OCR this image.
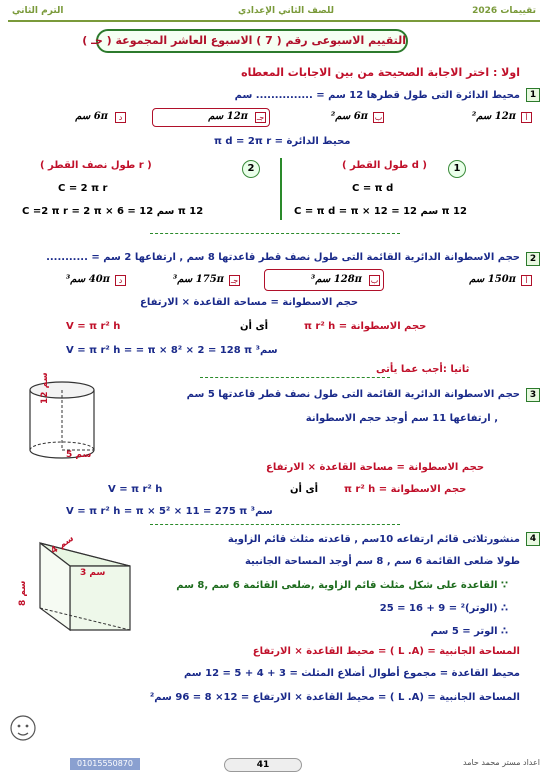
الترم الثاني	للصف الثاني الإعدادي	تقييمات 2026
التقييم الاسبوعى رقم ( 7 ) الاسبوع العاشر المجموعة ( جـ )
اولا : اختر الاجابة الصحيحة من بين الاجابات المعطاه
1
محيط الدائرة التى طول قطرها 12 سم = ............... سم
أ
12π سم²
ب
6π سم²
جـ
12π سم
د
6π سم
محيط الدائرة = π d = 2π r
( r طول نصف القطر )	2	( d طول القطر )	1
C = 2 π r	C = π d
C =2 π r = 2 π × 6 = 12 سم π 12	C = π d = π × 12 = 12 سم π 12
2
حجم الاسطوانة الدائرية القائمة التى طول نصف قطر قاعدتها 8 سم , ارتفاعها 2 سم = ...........
أ
150π سم
ب
128π سم³
جـ
175π سم³
د
40π سم³
حجم الاسطوانة = مساحة القاعدة × الارتفاع
V = π r² h	أى أن	حجم الاسطوانة = π r² h
V = π r² h = = π × 8² × 2 = 128 π سم³
ثانيا :أجب عما يأتى
3
حجم الاسطوانة الدائرية القائمة التى طول نصف قطر قاعدتها 5 سم
, ارتفاعها 11 سم أوجد حجم الاسطوانة
12 سم
5 سم
حجم الاسطوانة = مساحة القاعدة × الارتفاع
V = π r² h	أى أن	حجم الاسطوانة = π r² h
V = π r² h = π × 5² × 11 = 275 π سم³
4
منشورثلاثى قائم ارتفاعه 10سم , قاعدته مثلث قائم الزاوية
طولا ضلعى القائمة 6 سم , 8 سم أوجد المساحة الجانبية
4 سم
3 سم
8 سم	∵ القاعدة على شكل مثلث قائم الزاوية ,ضلعى القائمة 6 سم ,8 سم
∴ (الوتر)² = 9 + 16 = 25
∴ الوتر = 5 سم
المساحة الجانبية = (L .A ) = محيط القاعدة × الارتفاع
محيط القاعدة = مجموع أطوال أضلاع المثلث = 3 + 4 + 5 = 12 سم
المساحة الجانبية = (L .A ) = محيط القاعدة × الارتفاع = 12× 8 = 96 سم²
01015550870	41	اعداد مستر محمد حامد
